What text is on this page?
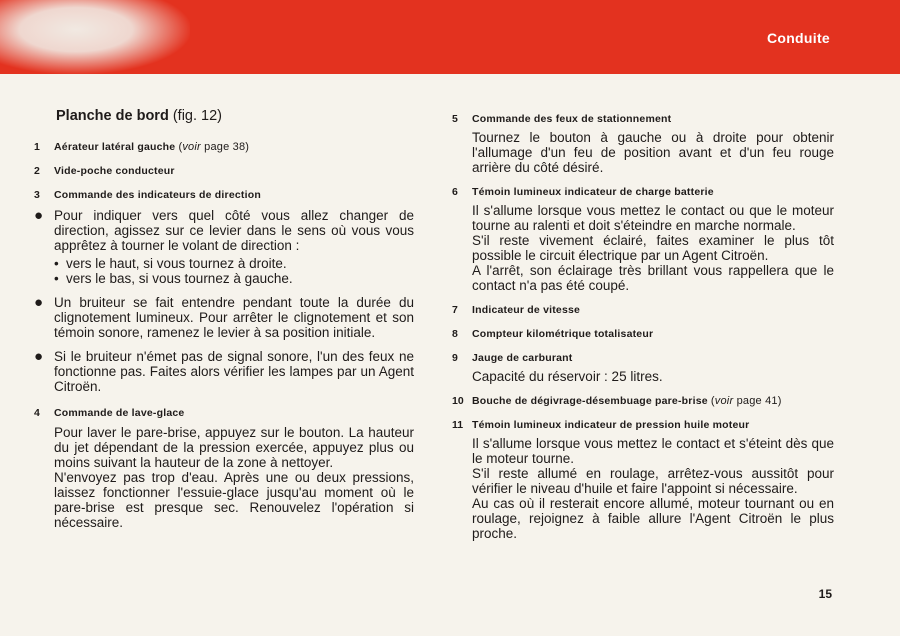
Conduite
Planche de bord (fig. 12)
1	Aérateur latéral gauche (voir page 38)
2	Vide-poche conducteur
3	Commande des indicateurs de direction
● Pour indiquer vers quel côté vous allez changer de direction, agissez sur ce levier dans le sens où vous vous apprêtez à tourner le volant de direction :
• vers le haut, si vous tournez à droite.
• vers le bas, si vous tournez à gauche.
● Un bruiteur se fait entendre pendant toute la durée du clignotement lumineux. Pour arrêter le clignotement et son témoin sonore, ramenez le levier à sa position initiale.
● Si le bruiteur n'émet pas de signal sonore, l'un des feux ne fonctionne pas. Faites alors vérifier les lampes par un Agent Citroën.
4	Commande de lave-glace
Pour laver le pare-brise, appuyez sur le bouton. La hauteur du jet dépendant de la pression exercée, appuyez plus ou moins suivant la hauteur de la zone à nettoyer.
N'envoyez pas trop d'eau. Après une ou deux pressions, laissez fonctionner l'essuie-glace jusqu'au moment où le pare-brise est presque sec. Renouvelez l'opération si nécessaire.
5	Commande des feux de stationnement
Tournez le bouton à gauche ou à droite pour obtenir l'allumage d'un feu de position avant et d'un feu rouge arrière du côté désiré.
6	Témoin lumineux indicateur de charge batterie
Il s'allume lorsque vous mettez le contact ou que le moteur tourne au ralenti et doit s'éteindre en marche normale.
S'il reste vivement éclairé, faites examiner le plus tôt possible le circuit électrique par un Agent Citroën.
A l'arrêt, son éclairage très brillant vous rappellera que le contact n'a pas été coupé.
7	Indicateur de vitesse
8	Compteur kilométrique totalisateur
9	Jauge de carburant
Capacité du réservoir : 25 litres.
10 Bouche de dégivrage-désembuage pare-brise (voir page 41)
11 Témoin lumineux indicateur de pression huile moteur
Il s'allume lorsque vous mettez le contact et s'éteint dès que le moteur tourne.
S'il reste allumé en roulage, arrêtez-vous aussitôt pour vérifier le niveau d'huile et faire l'appoint si nécessaire.
Au cas où il resterait encore allumé, moteur tournant ou en roulage, rejoignez à faible allure l'Agent Citroën le plus proche.
15
